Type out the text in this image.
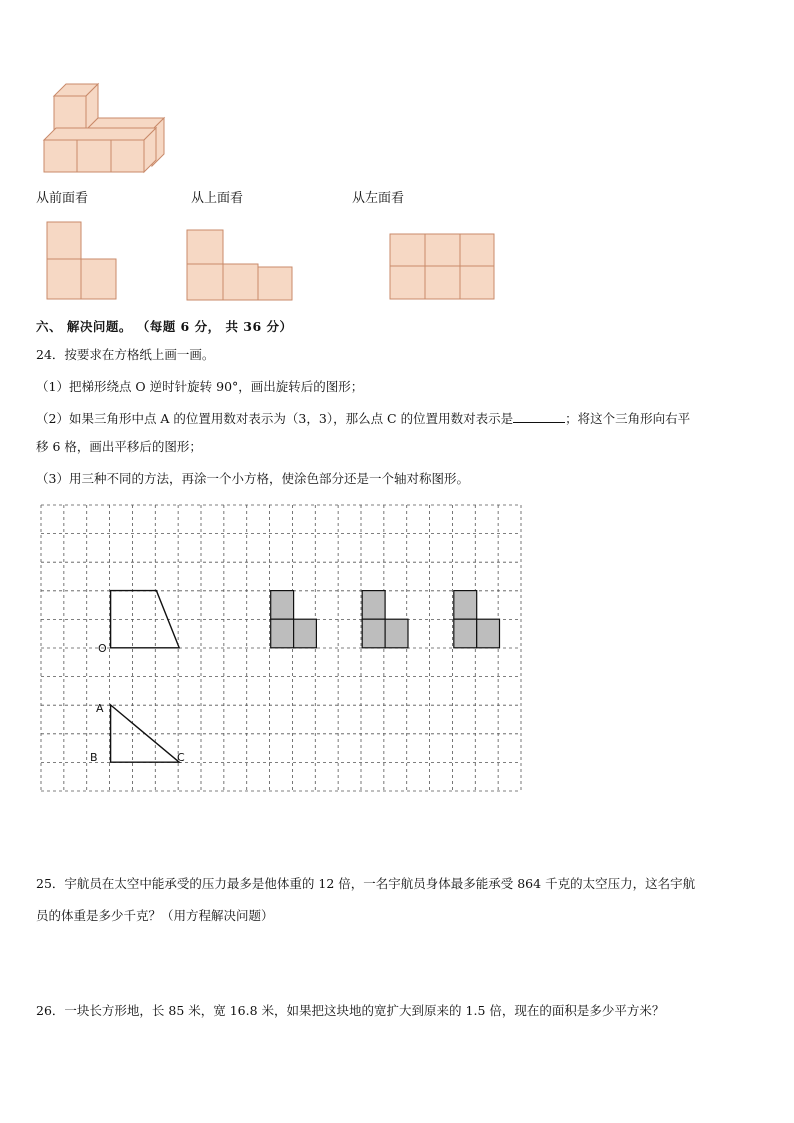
从前面看	从上面看	从左面看
六、 解决问题。 （每题 6 分， 共 36 分）
24．按要求在方格纸上画一画。
（1）把梯形绕点 O 逆时针旋转 90°，画出旋转后的图形；
（2）如果三角形中点 A 的位置用数对表示为（3，3），那么点 C 的位置用数对表示是	；将这个三角形向右平
移 6 格，画出平移后的图形；
（3）用三种不同的方法，再涂一个小方格，使涂色部分还是一个轴对称图形。
O
A
B	C
25．宇航员在太空中能承受的压力最多是他体重的 12 倍，一名宇航员身体最多能承受 864 千克的太空压力，这名宇航
员的体重是多少千克？（用方程解决问题）
26．一块长方形地，长 85 米，宽 16.8 米，如果把这块地的宽扩大到原来的 1.5 倍，现在的面积是多少平方米？
